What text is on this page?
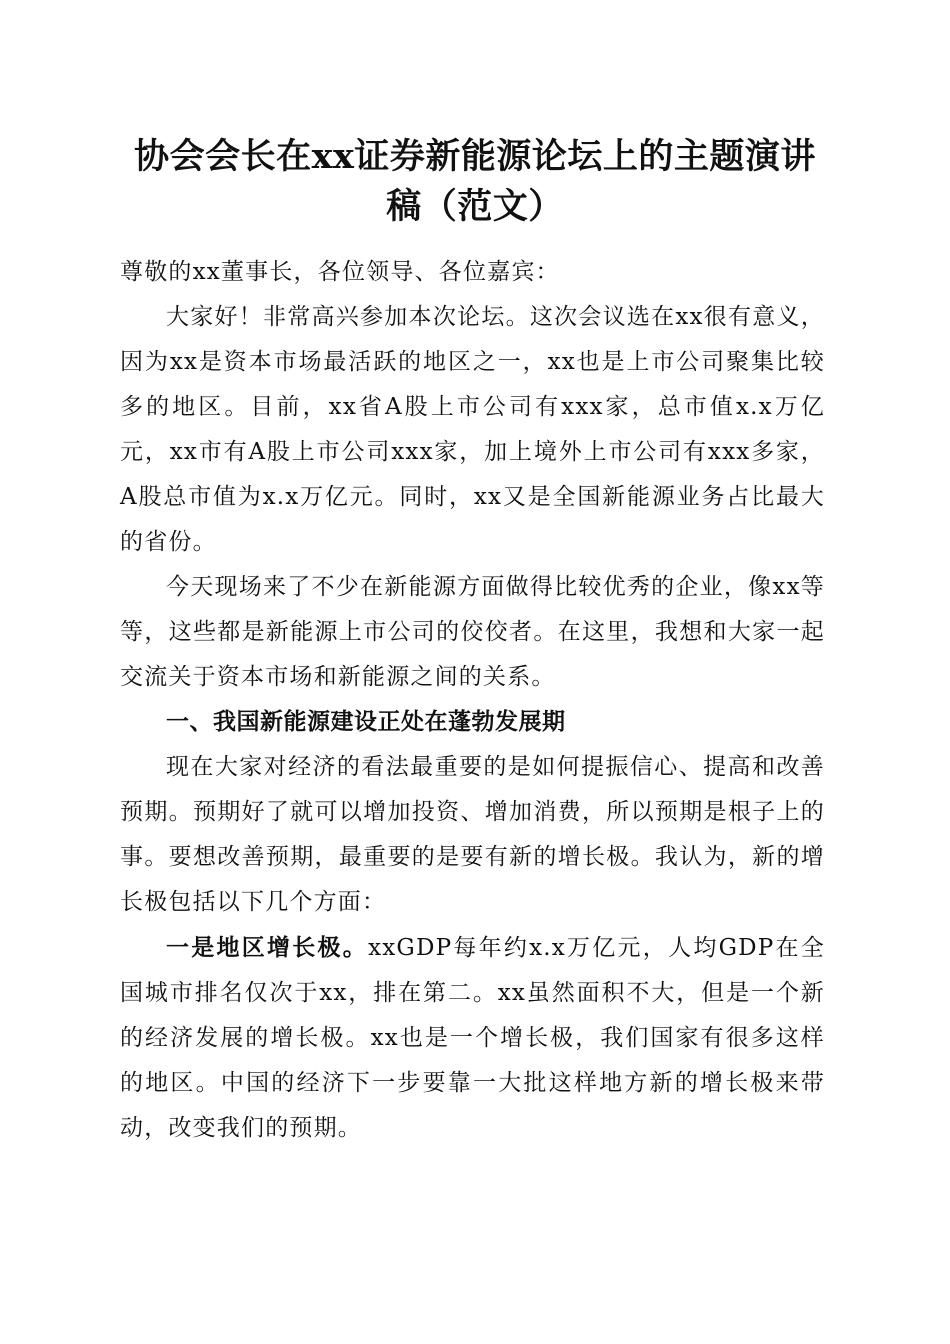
协会会长在xx证券新能源论坛上的主题演讲
稿（范文）

尊敬的xx董事长，各位领导、各位嘉宾：

大家好！非常高兴参加本次论坛。这次会议选在xx很有意义，因为xx是资本市场最活跃的地区之一，xx也是上市公司聚集比较多的地区。目前，xx省A股上市公司有xxx家，总市值x.x万亿元，xx市有A股上市公司xxx家，加上境外上市公司有xxx多家，A股总市值为x.x万亿元。同时，xx又是全国新能源业务占比最大的省份。

今天现场来了不少在新能源方面做得比较优秀的企业，像xx等等，这些都是新能源上市公司的佼佼者。在这里，我想和大家一起交流关于资本市场和新能源之间的关系。

一、我国新能源建设正处在蓬勃发展期

现在大家对经济的看法最重要的是如何提振信心、提高和改善预期。预期好了就可以增加投资、增加消费，所以预期是根子上的事。要想改善预期，最重要的是要有新的增长极。我认为，新的增长极包括以下几个方面：

一是地区增长极。xxGDP每年约x.x万亿元，人均GDP在全国城市排名仅次于xx，排在第二。xx虽然面积不大，但是一个新的经济发展的增长极。xx也是一个增长极，我们国家有很多这样的地区。中国的经济下一步要靠一大批这样地方新的增长极来带动，改变我们的预期。
